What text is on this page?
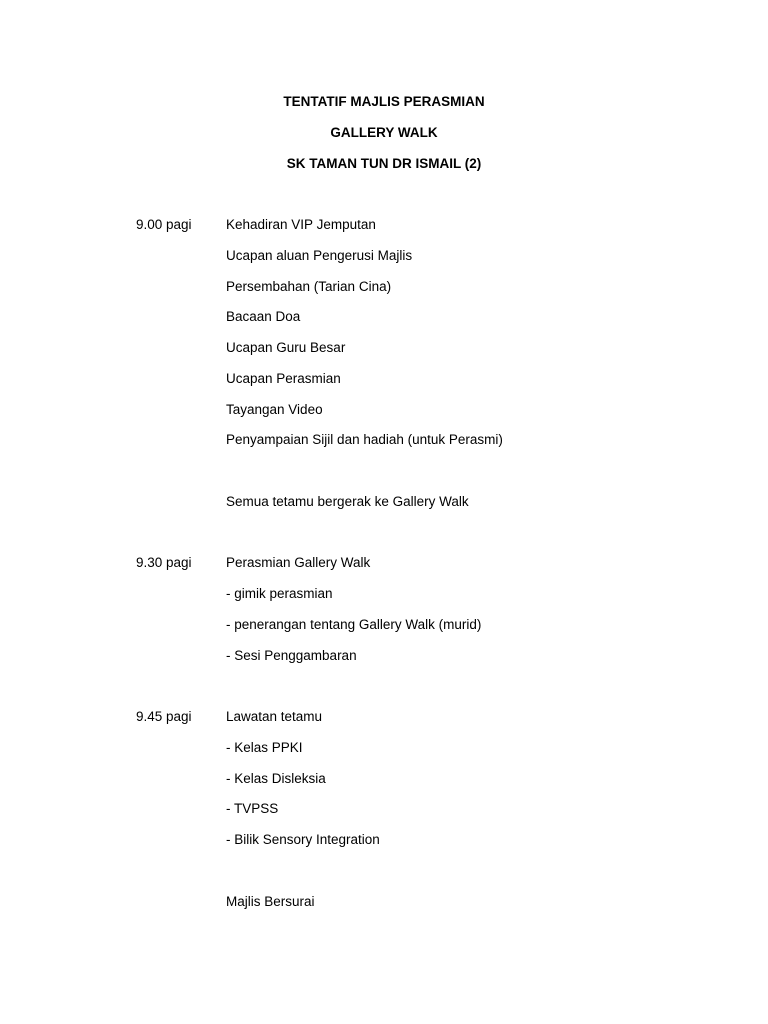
TENTATIF MAJLIS PERASMIAN
GALLERY WALK
SK TAMAN TUN DR ISMAIL (2)
9.00 pagi	Kehadiran VIP Jemputan
Ucapan aluan Pengerusi Majlis
Persembahan (Tarian Cina)
Bacaan Doa
Ucapan Guru Besar
Ucapan Perasmian
Tayangan Video
Penyampaian Sijil dan hadiah (untuk Perasmi)
Semua tetamu bergerak ke Gallery Walk
9.30 pagi	Perasmian Gallery Walk
- gimik perasmian
- penerangan tentang Gallery Walk (murid)
- Sesi Penggambaran
9.45 pagi	Lawatan tetamu
- Kelas PPKI
- Kelas Disleksia
- TVPSS
- Bilik Sensory Integration
Majlis Bersurai
